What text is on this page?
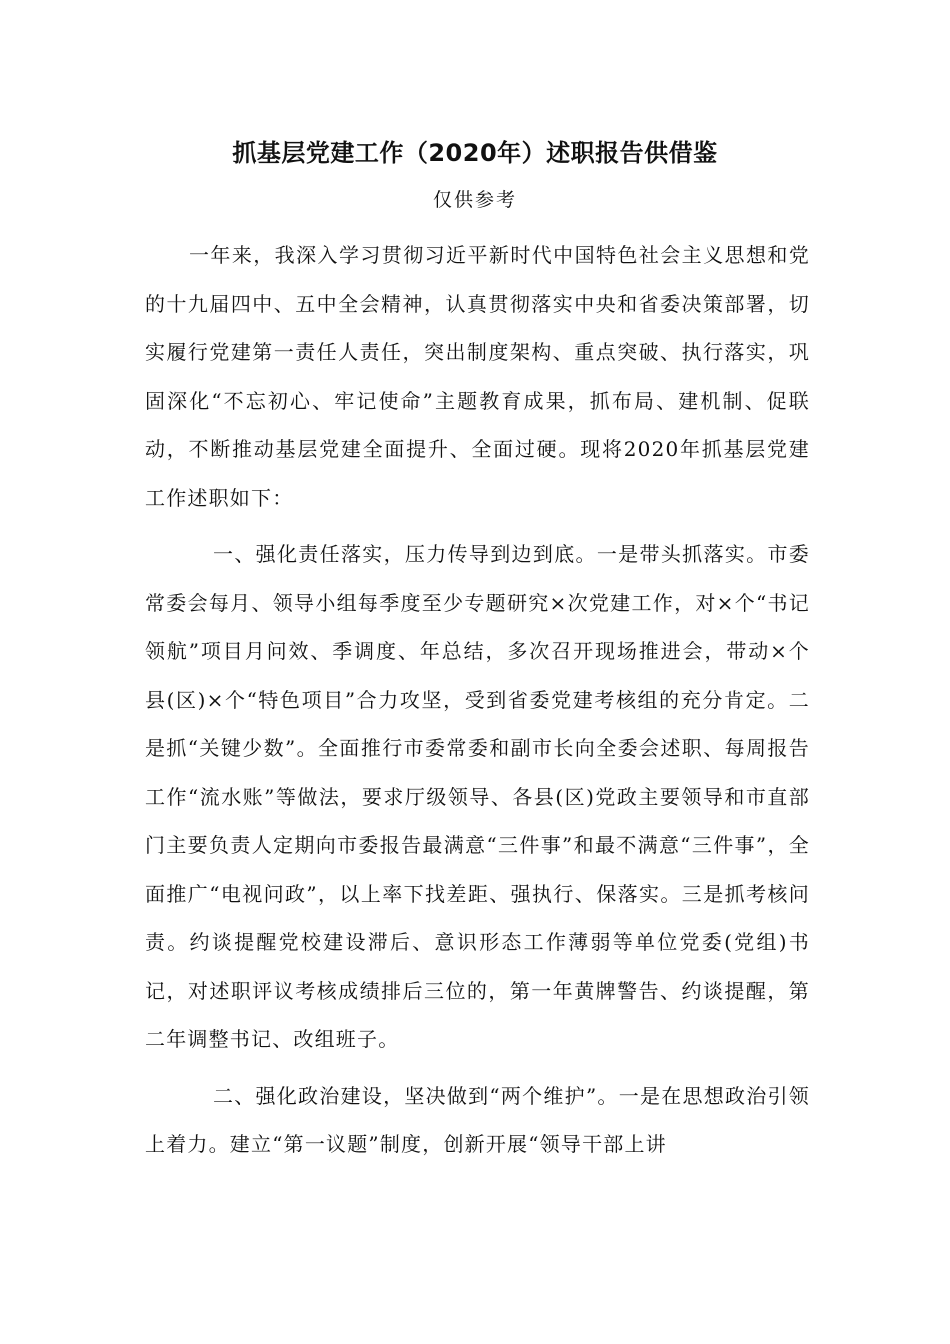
抓基层党建工作（2020年）述职报告供借鉴
仅供参考

一年来，我深入学习贯彻习近平新时代中国特色社会主义思想和党的十九届四中、五中全会精神，认真贯彻落实中央和省委决策部署，切实履行党建第一责任人责任，突出制度架构、重点突破、执行落实，巩固深化“不忘初心、牢记使命”主题教育成果，抓布局、建机制、促联动，不断推动基层党建全面提升、全面过硬。现将2020年抓基层党建工作述职如下：

一、强化责任落实，压力传导到边到底。一是带头抓落实。市委常委会每月、领导小组每季度至少专题研究×次党建工作，对×个“书记领航”项目月问效、季调度、年总结，多次召开现场推进会，带动×个县(区)×个“特色项目”合力攻坚，受到省委党建考核组的充分肯定。二是抓“关键少数”。全面推行市委常委和副市长向全委会述职、每周报告工作“流水账”等做法，要求厅级领导、各县(区)党政主要领导和市直部门主要负责人定期向市委报告最满意“三件事”和最不满意“三件事”，全面推广“电视问政”，以上率下找差距、强执行、保落实。三是抓考核问责。约谈提醒党校建设滞后、意识形态工作薄弱等单位党委(党组)书记，对述职评议考核成绩排后三位的，第一年黄牌警告、约谈提醒，第二年调整书记、改组班子。

二、强化政治建设，坚决做到“两个维护”。一是在思想政治引领上着力。建立“第一议题”制度，创新开展“领导干部上讲
